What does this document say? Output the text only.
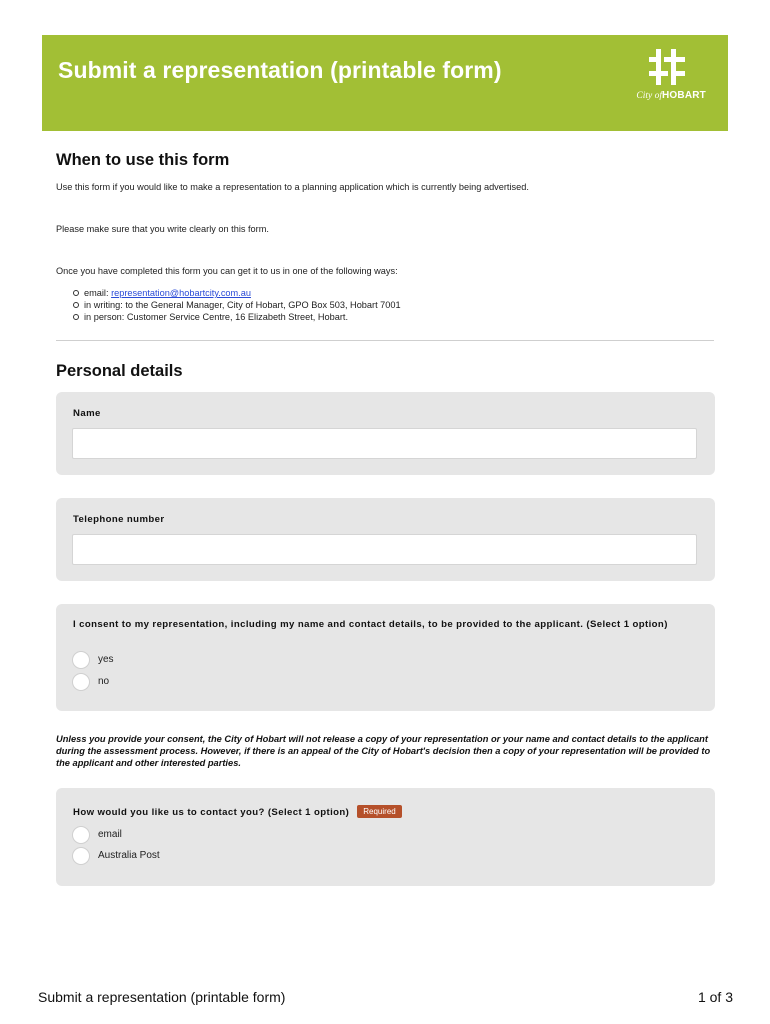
Submit a representation (printable form)
City ofHOBART
When to use this form
Use this form if you would like to make a representation to a planning application which is currently being advertised.
Please make sure that you write clearly on this form.
Once you have completed this form you can get it to us in one of the following ways:
email: representation@hobartcity.com.au
in writing: to the General Manager, City of Hobart, GPO Box 503, Hobart 7001
in person: Customer Service Centre, 16 Elizabeth Street, Hobart.
Personal details
Name
Telephone number
I consent to my representation, including my name and contact details, to be provided to the applicant. (Select 1 option)
yes
no
Unless you provide your consent, the City of Hobart will not release a copy of your representation or your name and contact details to the applicant during the assessment process. However, if there is an appeal of the City of Hobart's decision then a copy of your representation will be provided to the applicant and other interested parties.
How would you like us to contact you? (Select 1 option) Required
email
Australia Post
Submit a representation (printable form)	1 of 3
